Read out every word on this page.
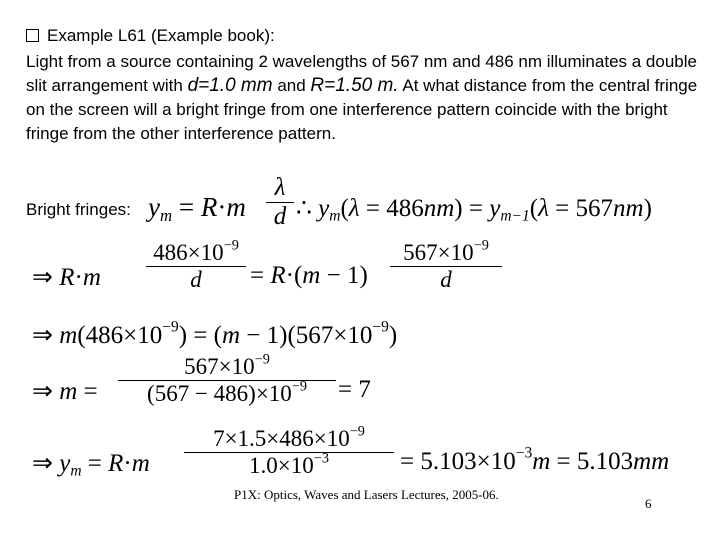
Example L61 (Example book):
Light from a source containing 2 wavelengths of 567 nm and 486 nm illuminates a double slit arrangement with d=1.0 mm and R=1.50 m. At what distance from the central fringe on the screen will a bright fringe from one interference pattern coincide with the bright fringe from the other interference pattern.
Bright fringes: $y_m = R\cdot m$
λ
d ∴ $y_m(\lambda = 486nm) = y_{m-1}(\lambda = 567nm)$
⇒ R·m
$486\times 10^{-9}$
d	= R·(m − 1)
$567\times 10^{-9}$
d
⇒ $m(486\times 10^{-9}) = (m - 1)(567\times 10^{-9})$
⇒ m =
$567\times 10^{-9}$
$(567 - 486)\times 10^{-9}$	= 7
⇒ $y_m = R\cdot m$
$7\times 1.5\times 486\times 10^{-9}$
$1.0\times 10^{-3}$	= $5.103\times 10^{-3}m = 5.103mm$
P1X: Optics, Waves and Lasers Lectures, 2005-06.
6
